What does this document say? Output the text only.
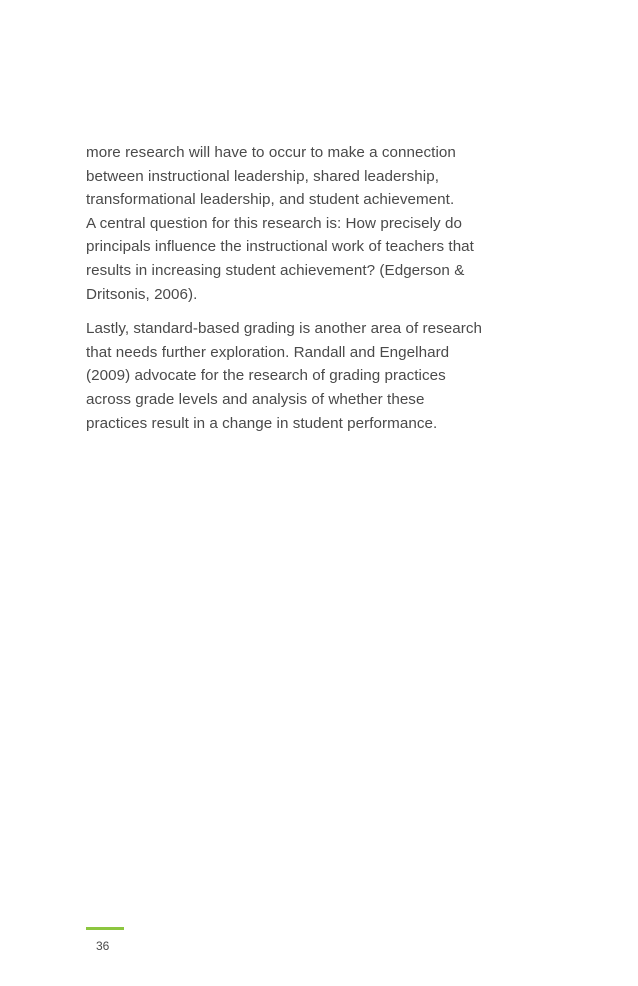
more research will have to occur to make a connection
between instructional leadership, shared leadership,
transformational leadership, and student achievement.
A central question for this research is: How precisely do
principals influence the instructional work of teachers that
results in increasing student achievement? (Edgerson &
Dritsonis, 2006).
Lastly, standard-based grading is another area of research
that needs further exploration. Randall and Engelhard
(2009) advocate for the research of grading practices
across grade levels and analysis of whether these
practices result in a change in student performance.
36
